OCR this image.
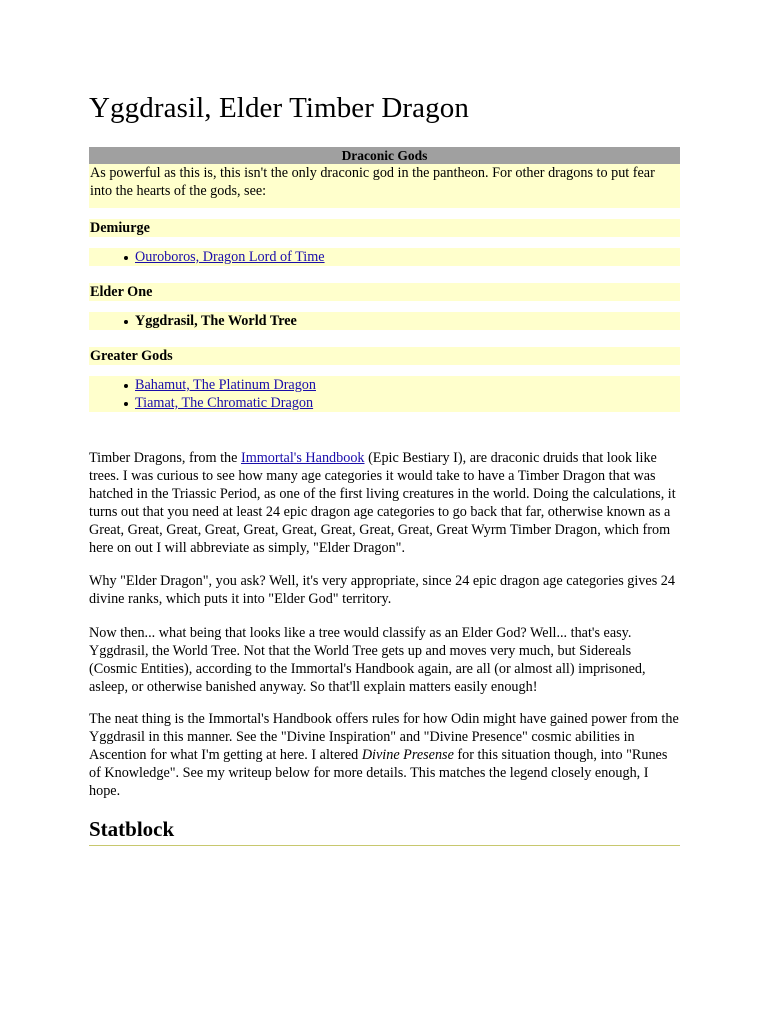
Yggdrasil, Elder Timber Dragon
Draconic Gods
As powerful as this is, this isn't the only draconic god in the pantheon. For other dragons to put fear into the hearts of the gods, see:
Demiurge
Ouroboros, Dragon Lord of Time
Elder One
Yggdrasil, The World Tree
Greater Gods
Bahamut, The Platinum Dragon
Tiamat, The Chromatic Dragon

Timber Dragons, from the Immortal's Handbook (Epic Bestiary I), are draconic druids that look like trees. I was curious to see how many age categories it would take to have a Timber Dragon that was hatched in the Triassic Period, as one of the first living creatures in the world. Doing the calculations, it turns out that you need at least 24 epic dragon age categories to go back that far, otherwise known as a Great, Great, Great, Great, Great, Great, Great, Great, Great, Great Wyrm Timber Dragon, which from here on out I will abbreviate as simply, "Elder Dragon".

Why "Elder Dragon", you ask? Well, it's very appropriate, since 24 epic dragon age categories gives 24 divine ranks, which puts it into "Elder God" territory.

Now then... what being that looks like a tree would classify as an Elder God? Well... that's easy. Yggdrasil, the World Tree. Not that the World Tree gets up and moves very much, but Sidereals (Cosmic Entities), according to the Immortal's Handbook again, are all (or almost all) imprisoned, asleep, or otherwise banished anyway. So that'll explain matters easily enough!

The neat thing is the Immortal's Handbook offers rules for how Odin might have gained power from the Yggdrasil in this manner. See the "Divine Inspiration" and "Divine Presence" cosmic abilities in Ascention for what I'm getting at here. I altered Divine Presense for this situation though, into "Runes of Knowledge". See my writeup below for more details. This matches the legend closely enough, I hope.

Statblock
